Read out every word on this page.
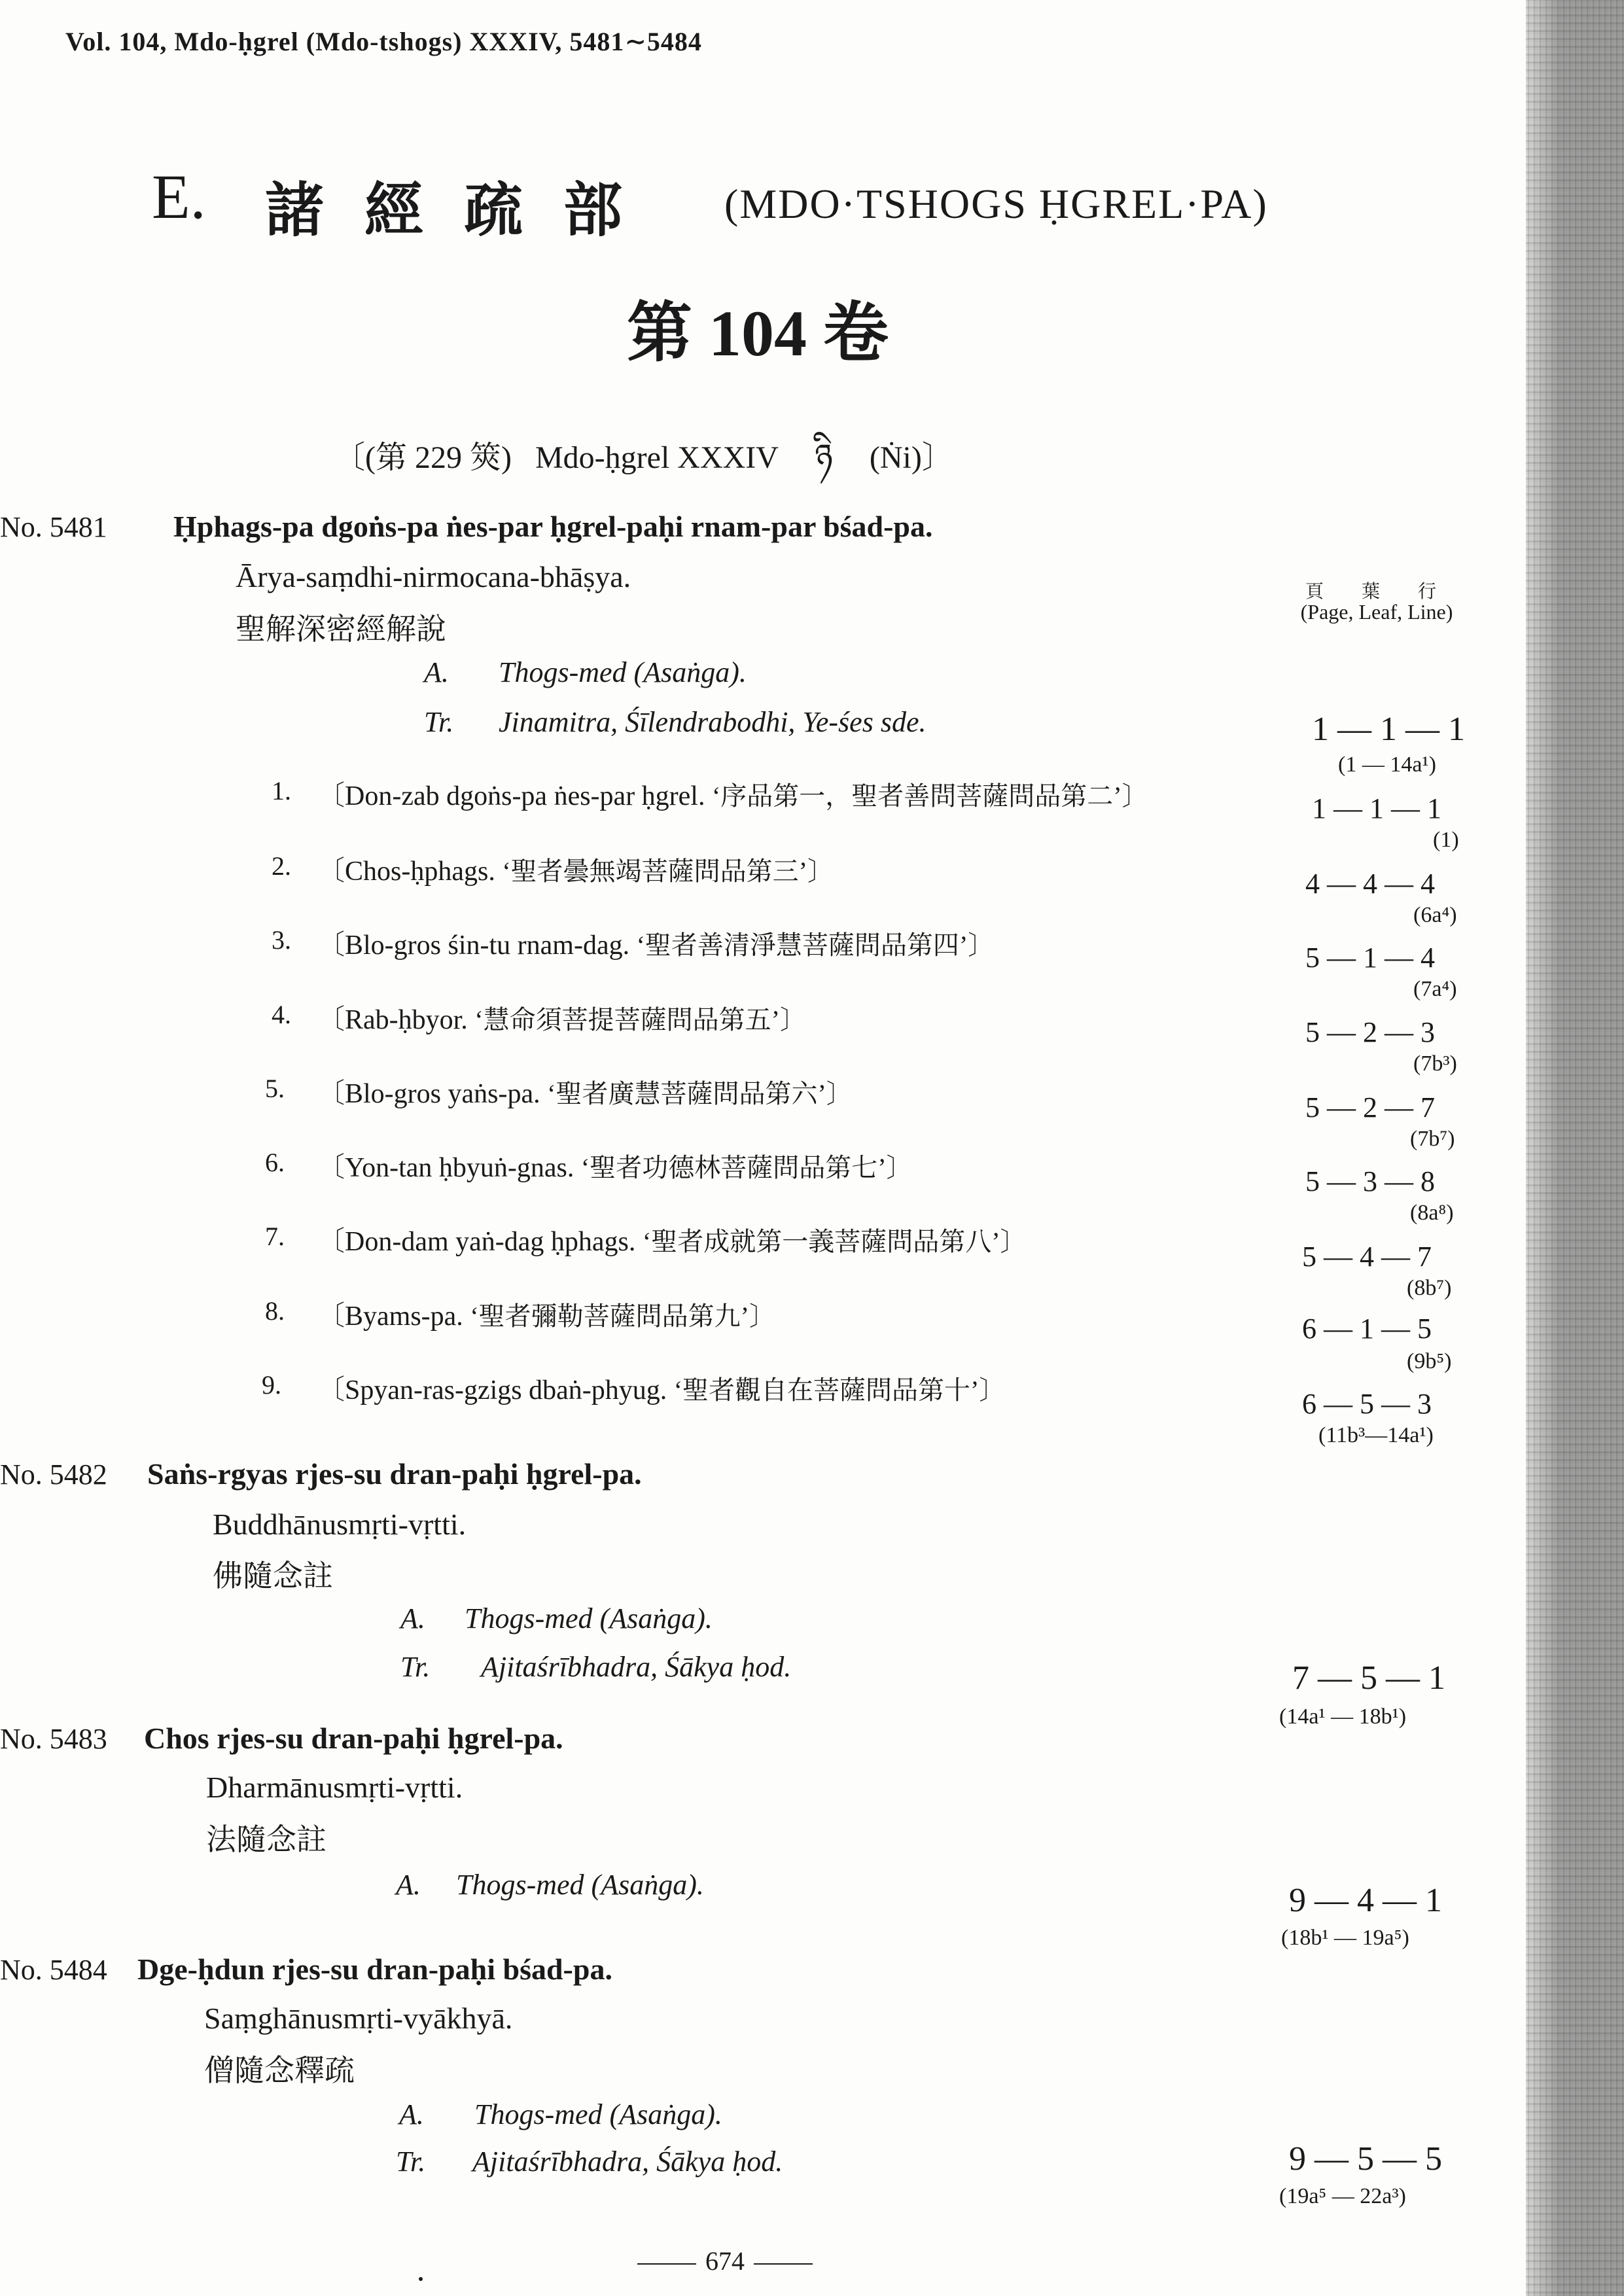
Vol. 104, Mdo-ḥgrel (Mdo-tshogs) XXXIV, 5481∼5484
E. 諸經疏部 (MDO·TSHOGS ḤGREL·PA)
第 104 卷
〔(第 229 筴) Mdo-ḥgrel XXXIV ཉི (Ṅi)〕
頁葉行
(Page, Leaf, Line)
No. 5481 Ḥphags-pa dgoṅs-pa ṅes-par ḥgrel-paḥi rnam-par bśad-pa.
Ārya-saṃdhi-nirmocana-bhāṣya.
聖解深密經解說
A. Thogs-med (Asaṅga).
Tr. Jinamitra, Śīlendrabodhi, Ye-śes sde.	1 — 1 — 1
(1 — 14a¹)
1. 〔Don-zab dgoṅs-pa ṅes-par ḥgrel. ‘序品第一，聖者善問菩薩問品第二’〕	1 — 1 — 1
(1)
2. 〔Chos-ḥphags. ‘聖者曇無竭菩薩問品第三’〕	4 — 4 — 4
(6a⁴)
3. 〔Blo-gros śin-tu rnam-dag. ‘聖者善清淨慧菩薩問品第四’〕	5 — 1 — 4
(7a⁴)
4. 〔Rab-ḥbyor. ‘慧命須菩提菩薩問品第五’〕	5 — 2 — 3
(7b³)
5. 〔Blo-gros yaṅs-pa. ‘聖者廣慧菩薩問品第六’〕	5 — 2 — 7
(7b⁷)
6. 〔Yon-tan ḥbyuṅ-gnas. ‘聖者功德林菩薩問品第七’〕	5 — 3 — 8
(8a⁸)
7. 〔Don-dam yaṅ-dag ḥphags. ‘聖者成就第一義菩薩問品第八’〕	5 — 4 — 7
(8b⁷)
8. 〔Byams-pa. ‘聖者彌勒菩薩問品第九’〕	6 — 1 — 5
(9b⁵)
9. 〔Spyan-ras-gzigs dbaṅ-phyug. ‘聖者觀自在菩薩問品第十’〕	6 — 5 — 3
(11b³—14a¹)
No. 5482 Saṅs-rgyas rjes-su dran-paḥi ḥgrel-pa.
Buddhānusmṛti-vṛtti.
佛隨念註
A. Thogs-med (Asaṅga).
Tr. Ajitaśrībhadra, Śākya ḥod.	7 — 5 — 1
(14a¹ — 18b¹)
No. 5483 Chos rjes-su dran-paḥi ḥgrel-pa.
Dharmānusmṛti-vṛtti.
法隨念註
A. Thogs-med (Asaṅga).	9 — 4 — 1
(18b¹ — 19a⁵)
No. 5484 Dge-ḥdun rjes-su dran-paḥi bśad-pa.
Saṃghānusmṛti-vyākhyā.
僧隨念釋疏
A. Thogs-med (Asaṅga).
Tr. Ajitaśrībhadra, Śākya ḥod.	9 — 5 — 5
(19a⁵ — 22a³)
674
